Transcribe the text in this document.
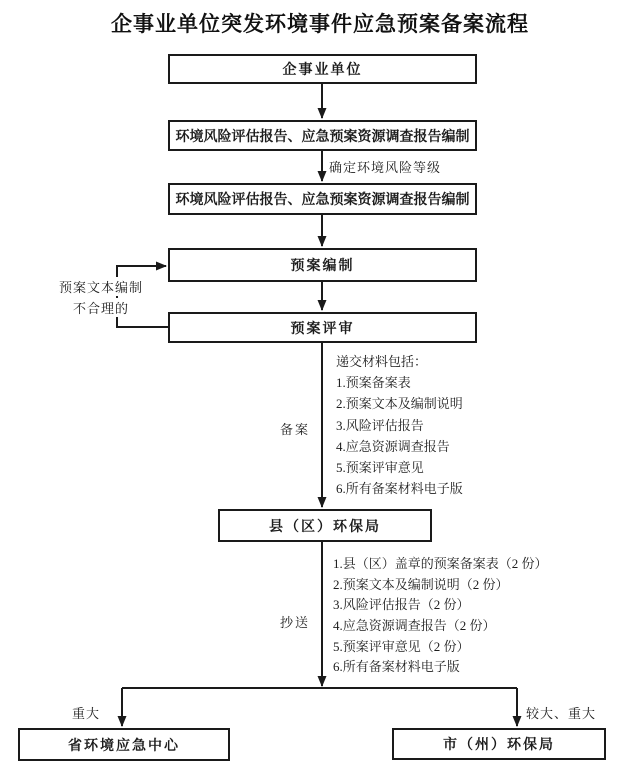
企事业单位突发环境事件应急预案备案流程
企事业单位
环境风险评估报告、应急预案资源调查报告编制
环境风险评估报告、应急预案资源调查报告编制
预案编制
预案评审
县（区）环保局
省环境应急中心	市（州）环保局
确定环境风险等级
预案文本编制
不合理的
备案
抄送
重大	较大、重大

递交材料包括：

1.预案备案表

2.预案文本及编制说明

3.风险评估报告

4.应急资源调查报告

5.预案评审意见

6.所有备案材料电子版

1.县（区）盖章的预案备案表（2 份）

2.预案文本及编制说明（2 份）

3.风险评估报告（2 份）

4.应急资源调查报告（2 份）

5.预案评审意见（2 份）

6.所有备案材料电子版
